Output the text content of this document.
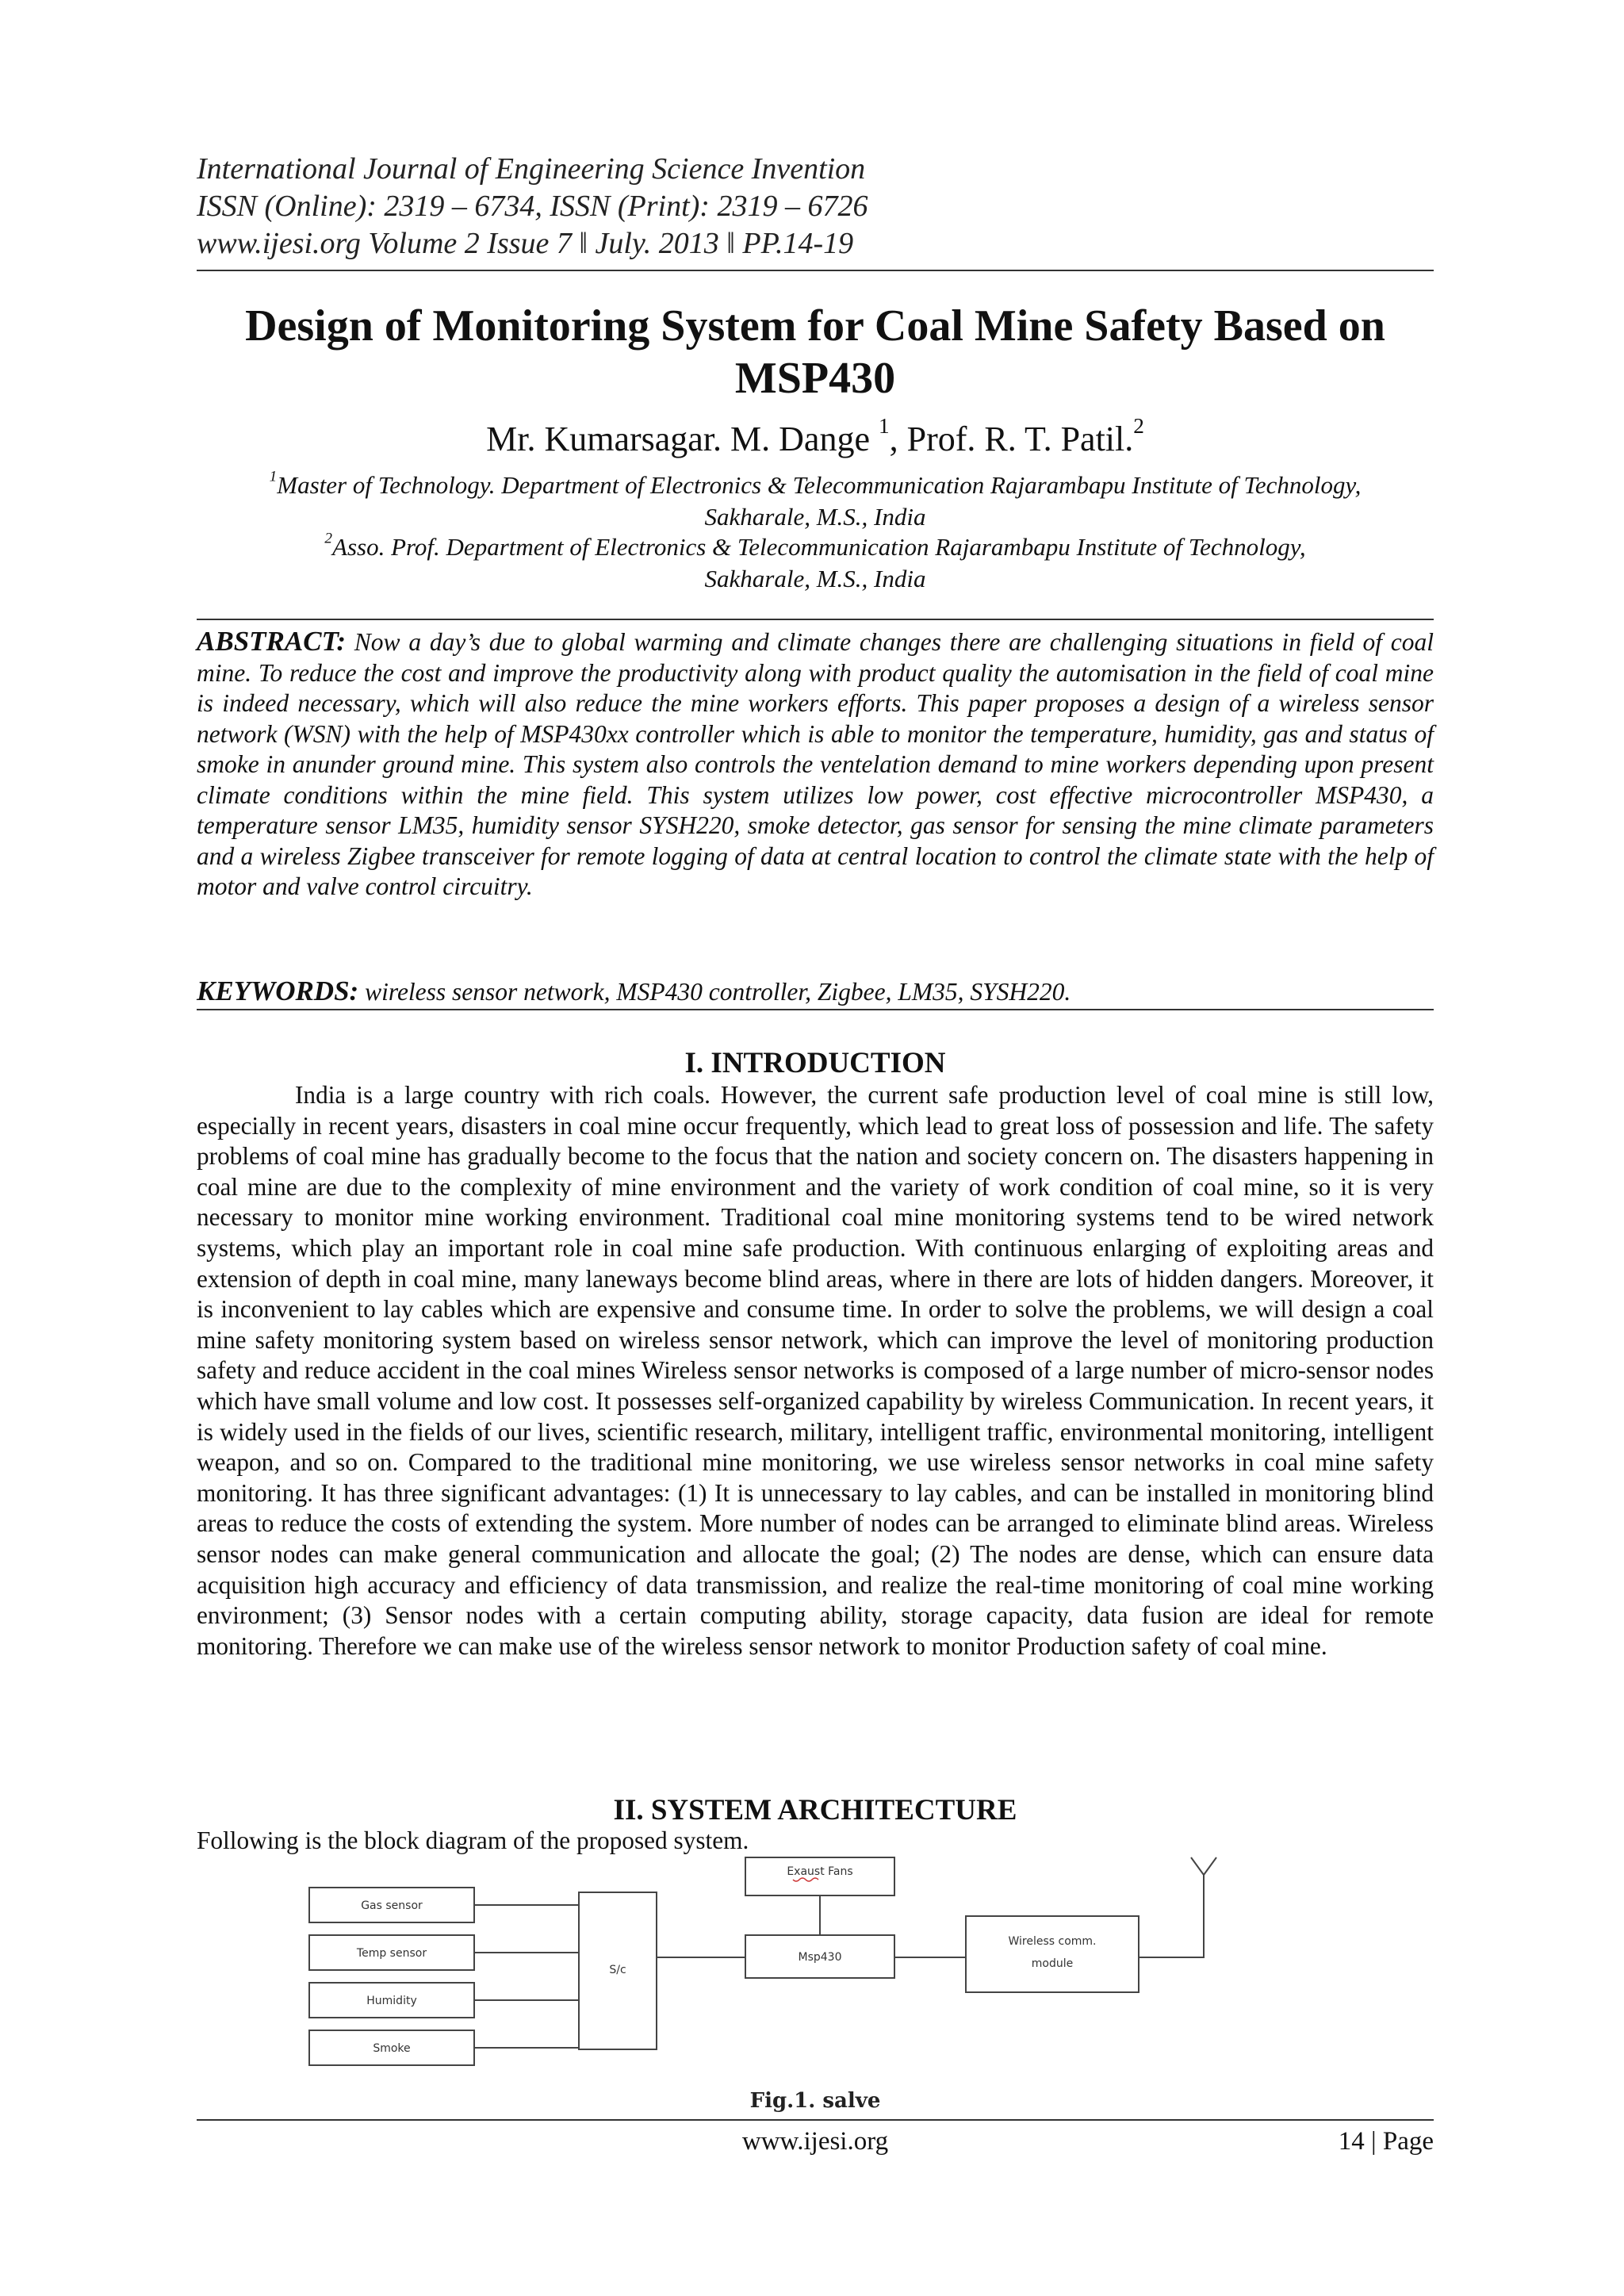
International Journal of Engineering Science Invention
ISSN (Online): 2319 – 6734, ISSN (Print): 2319 – 6726
www.ijesi.org Volume 2 Issue 7 ǁ July. 2013 ǁ PP.14-19
Design of Monitoring System for Coal Mine Safety Based on
MSP430
Mr. Kumarsagar. M. Dange $^1$, Prof. R. T. Patil.$^2$
$^1$Master of Technology. Department of Electronics & Telecommunication Rajarambapu Institute of Technology,
Sakharale, M.S., India
$^2$Asso. Prof. Department of Electronics & Telecommunication Rajarambapu Institute of Technology,
Sakharale, M.S., India
ABSTRACT: Now a day’s due to global warming and climate changes there are challenging situations in field of coal mine. To reduce the cost and improve the productivity along with product quality the automisation in the field of coal mine is indeed necessary, which will also reduce the mine workers efforts. This paper proposes a design of a wireless sensor network (WSN) with the help of MSP430xx controller which is able to monitor the temperature, humidity, gas and status of smoke in anunder ground mine. This system also controls the ventelation demand to mine workers depending upon present climate conditions within the mine field. This system utilizes low power, cost effective microcontroller MSP430, a temperature sensor LM35, humidity sensor SYSH220, smoke detector, gas sensor for sensing the mine climate parameters and a wireless Zigbee transceiver for remote logging of data at central location to control the climate state with the help of motor and valve control circuitry.
KEYWORDS: wireless sensor network, MSP430 controller, Zigbee, LM35, SYSH220.
I. INTRODUCTION
India is a large country with rich coals. However, the current safe production level of coal mine is still low, especially in recent years, disasters in coal mine occur frequently, which lead to great loss of possession and life. The safety problems of coal mine has gradually become to the focus that the nation and society concern on. The disasters happening in coal mine are due to the complexity of mine environment and the variety of work condition of coal mine, so it is very necessary to monitor mine working environment. Traditional coal mine monitoring systems tend to be wired network systems, which play an important role in coal mine safe production. With continuous enlarging of exploiting areas and extension of depth in coal mine, many laneways become blind areas, where in there are lots of hidden dangers. Moreover, it is inconvenient to lay cables which are expensive and consume time. In order to solve the problems, we will design a coal mine safety monitoring system based on wireless sensor network, which can improve the level of monitoring production safety and reduce accident in the coal mines Wireless sensor networks is composed of a large number of micro-sensor nodes which have small volume and low cost. It possesses self-organized capability by wireless Communication. In recent years, it is widely used in the fields of our lives, scientific research, military, intelligent traffic, environmental monitoring, intelligent weapon, and so on. Compared to the traditional mine monitoring, we use wireless sensor networks in coal mine safety monitoring. It has three significant advantages: (1) It is unnecessary to lay cables, and can be installed in monitoring blind areas to reduce the costs of extending the system. More number of nodes can be arranged to eliminate blind areas. Wireless sensor nodes can make general communication and allocate the goal; (2) The nodes are dense, which can ensure data acquisition high accuracy and efficiency of data transmission, and realize the real-time monitoring of coal mine working environment; (3) Sensor nodes with a certain computing ability, storage capacity, data fusion are ideal for remote monitoring. Therefore we can make use of the wireless sensor network to monitor Production safety of coal mine.
II. SYSTEM ARCHITECTURE
Following is the block diagram of the proposed system.
Gas sensor
Temp sensor
Humidity
Smoke
S/c
Exaust Fans
Msp430
Wireless comm.
module
Fig.1. salve
www.ijesi.org	14 | Page
